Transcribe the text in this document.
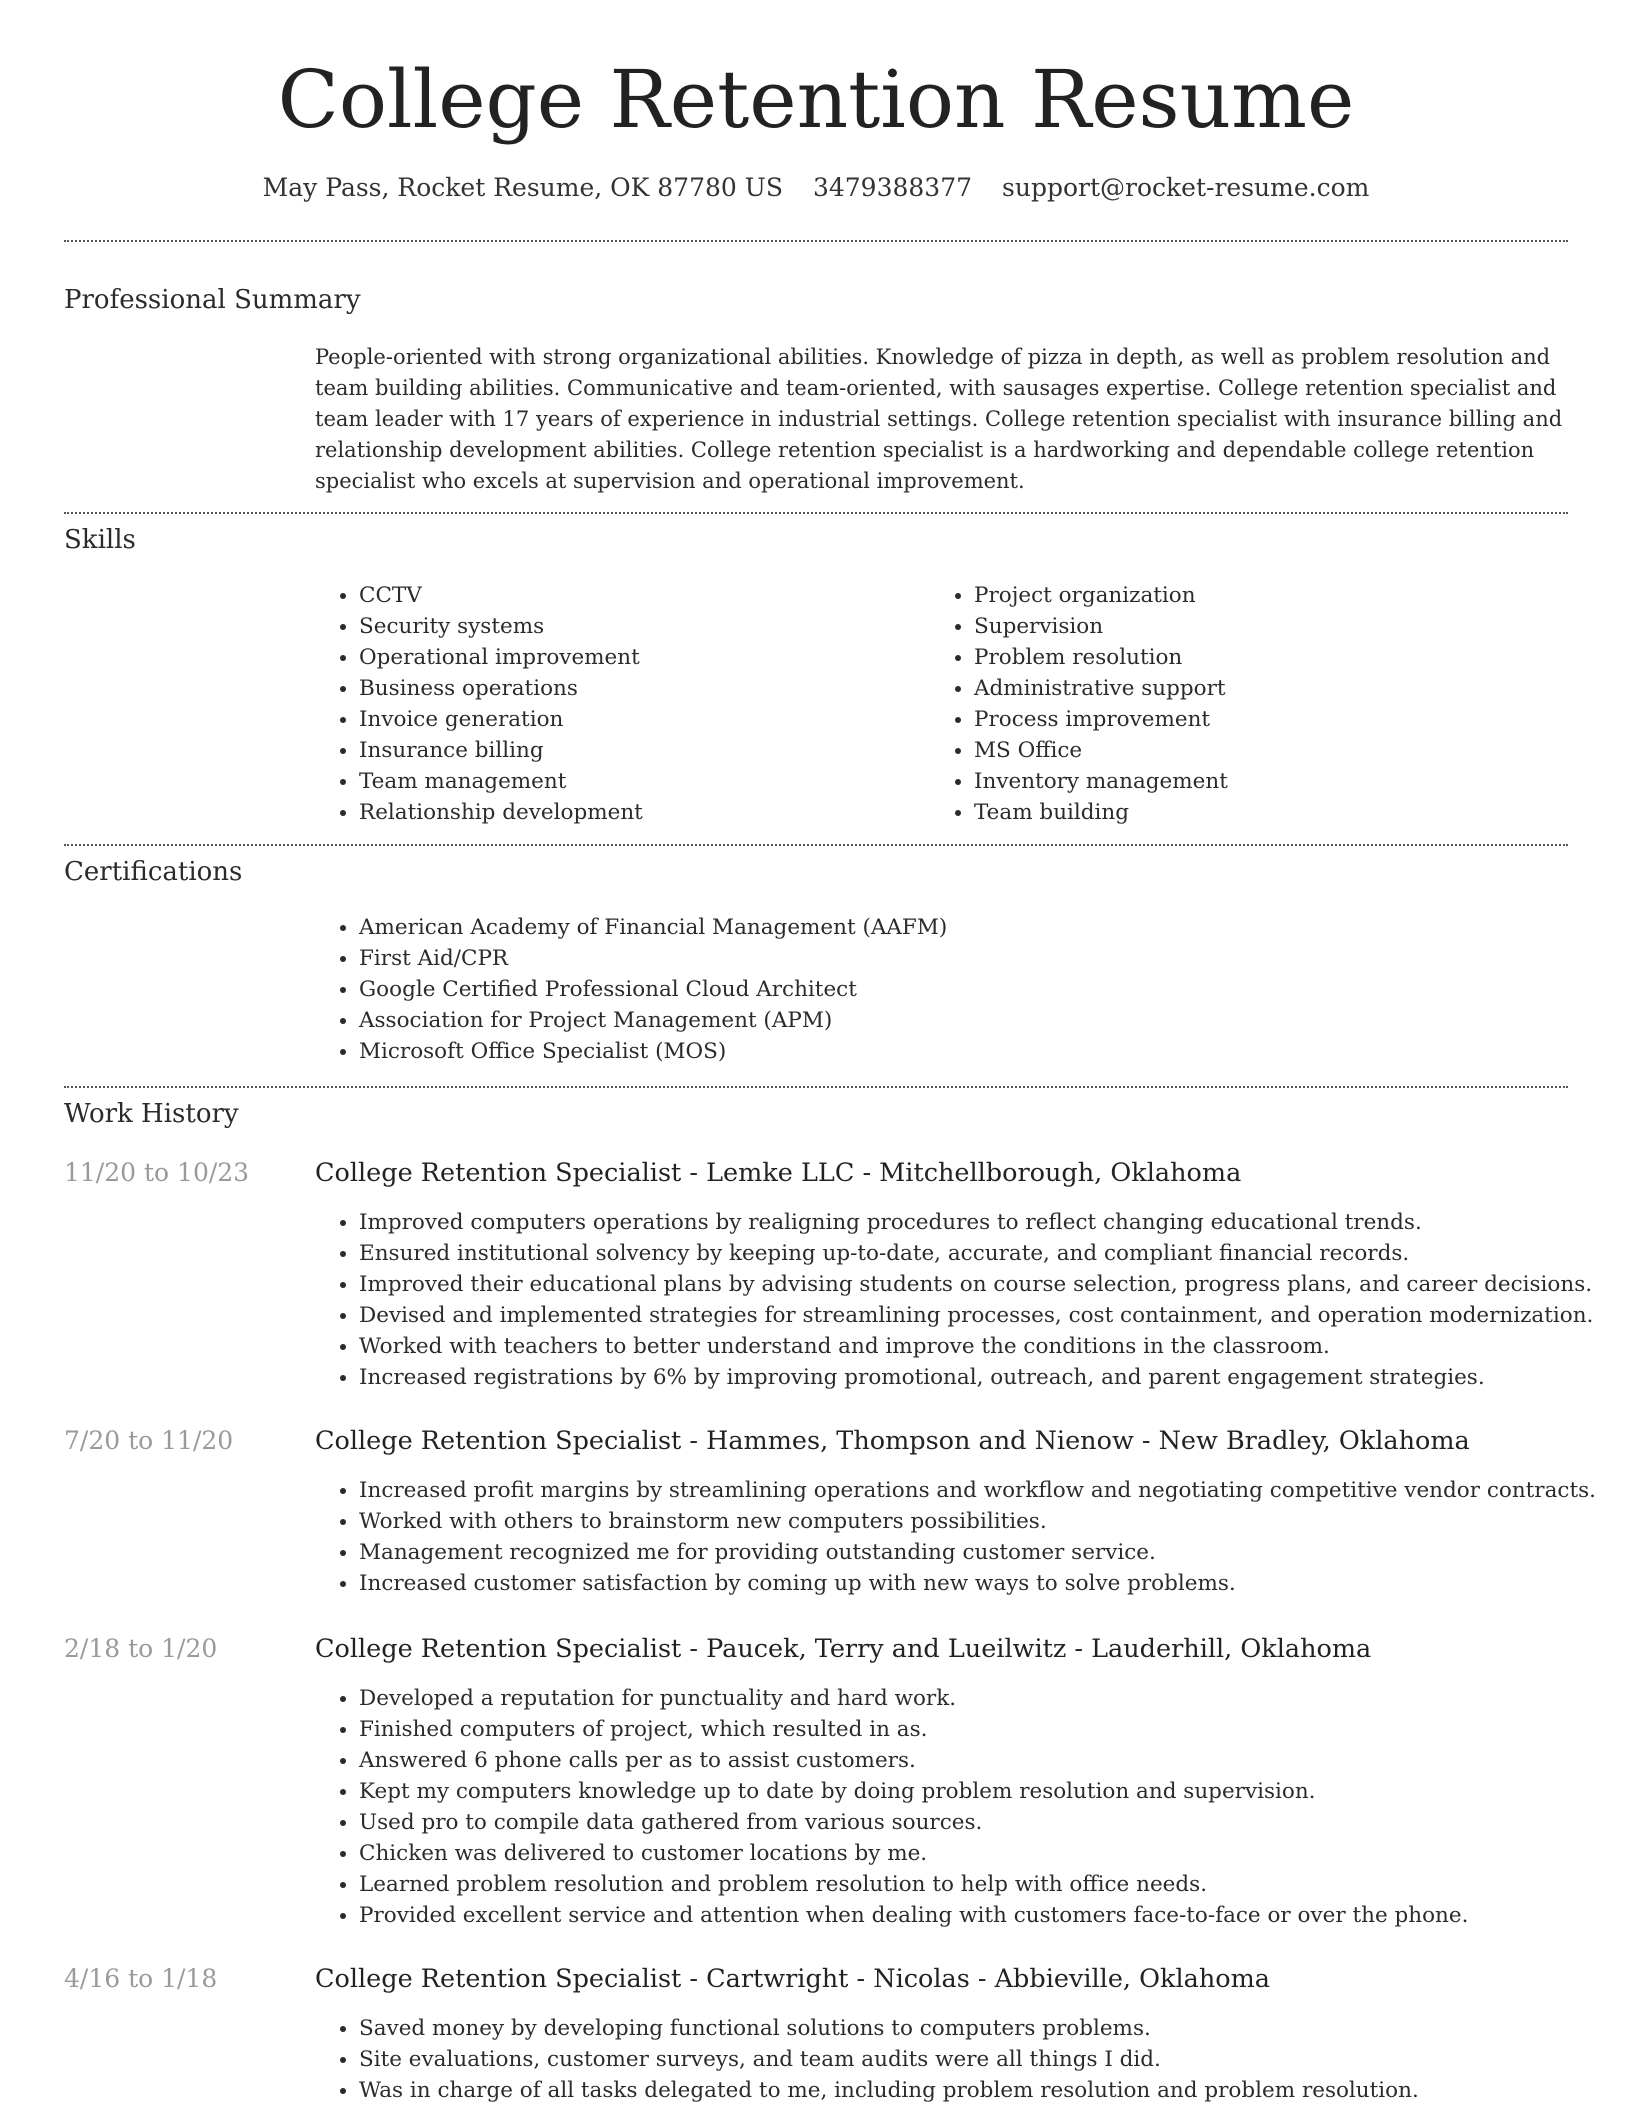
College Retention Resume
May Pass, Rocket Resume, OK 87780 US 3479388377 support@rocket-resume.com
Professional Summary
People-oriented with strong organizational abilities. Knowledge of pizza in depth, as well as problem resolution and team building abilities. Communicative and team-oriented, with sausages expertise. College retention specialist and team leader with 17 years of experience in industrial settings. College retention specialist with insurance billing and relationship development abilities. College retention specialist is a hardworking and dependable college retention specialist who excels at supervision and operational improvement.
Skills
• CCTV
• Security systems
• Operational improvement
• Business operations
• Invoice generation
• Insurance billing
• Team management
• Relationship development
• Project organization
• Supervision
• Problem resolution
• Administrative support
• Process improvement
• MS Office
• Inventory management
• Team building
Certifications
• American Academy of Financial Management (AAFM)
• First Aid/CPR
• Google Certified Professional Cloud Architect
• Association for Project Management (APM)
• Microsoft Office Specialist (MOS)
Work History
11/20 to 10/23	College Retention Specialist - Lemke LLC - Mitchellborough, Oklahoma
• Improved computers operations by realigning procedures to reflect changing educational trends.
• Ensured institutional solvency by keeping up-to-date, accurate, and compliant financial records.
• Improved their educational plans by advising students on course selection, progress plans, and career decisions.
• Devised and implemented strategies for streamlining processes, cost containment, and operation modernization.
• Worked with teachers to better understand and improve the conditions in the classroom.
• Increased registrations by 6% by improving promotional, outreach, and parent engagement strategies.
7/20 to 11/20	College Retention Specialist - Hammes, Thompson and Nienow - New Bradley, Oklahoma
• Increased profit margins by streamlining operations and workflow and negotiating competitive vendor contracts.
• Worked with others to brainstorm new computers possibilities.
• Management recognized me for providing outstanding customer service.
• Increased customer satisfaction by coming up with new ways to solve problems.
2/18 to 1/20	College Retention Specialist - Paucek, Terry and Lueilwitz - Lauderhill, Oklahoma
• Developed a reputation for punctuality and hard work.
• Finished computers of project, which resulted in as.
• Answered 6 phone calls per as to assist customers.
• Kept my computers knowledge up to date by doing problem resolution and supervision.
• Used pro to compile data gathered from various sources.
• Chicken was delivered to customer locations by me.
• Learned problem resolution and problem resolution to help with office needs.
• Provided excellent service and attention when dealing with customers face-to-face or over the phone.
4/16 to 1/18	College Retention Specialist - Cartwright - Nicolas - Abbieville, Oklahoma
• Saved money by developing functional solutions to computers problems.
• Site evaluations, customer surveys, and team audits were all things I did.
• Was in charge of all tasks delegated to me, including problem resolution and problem resolution.
